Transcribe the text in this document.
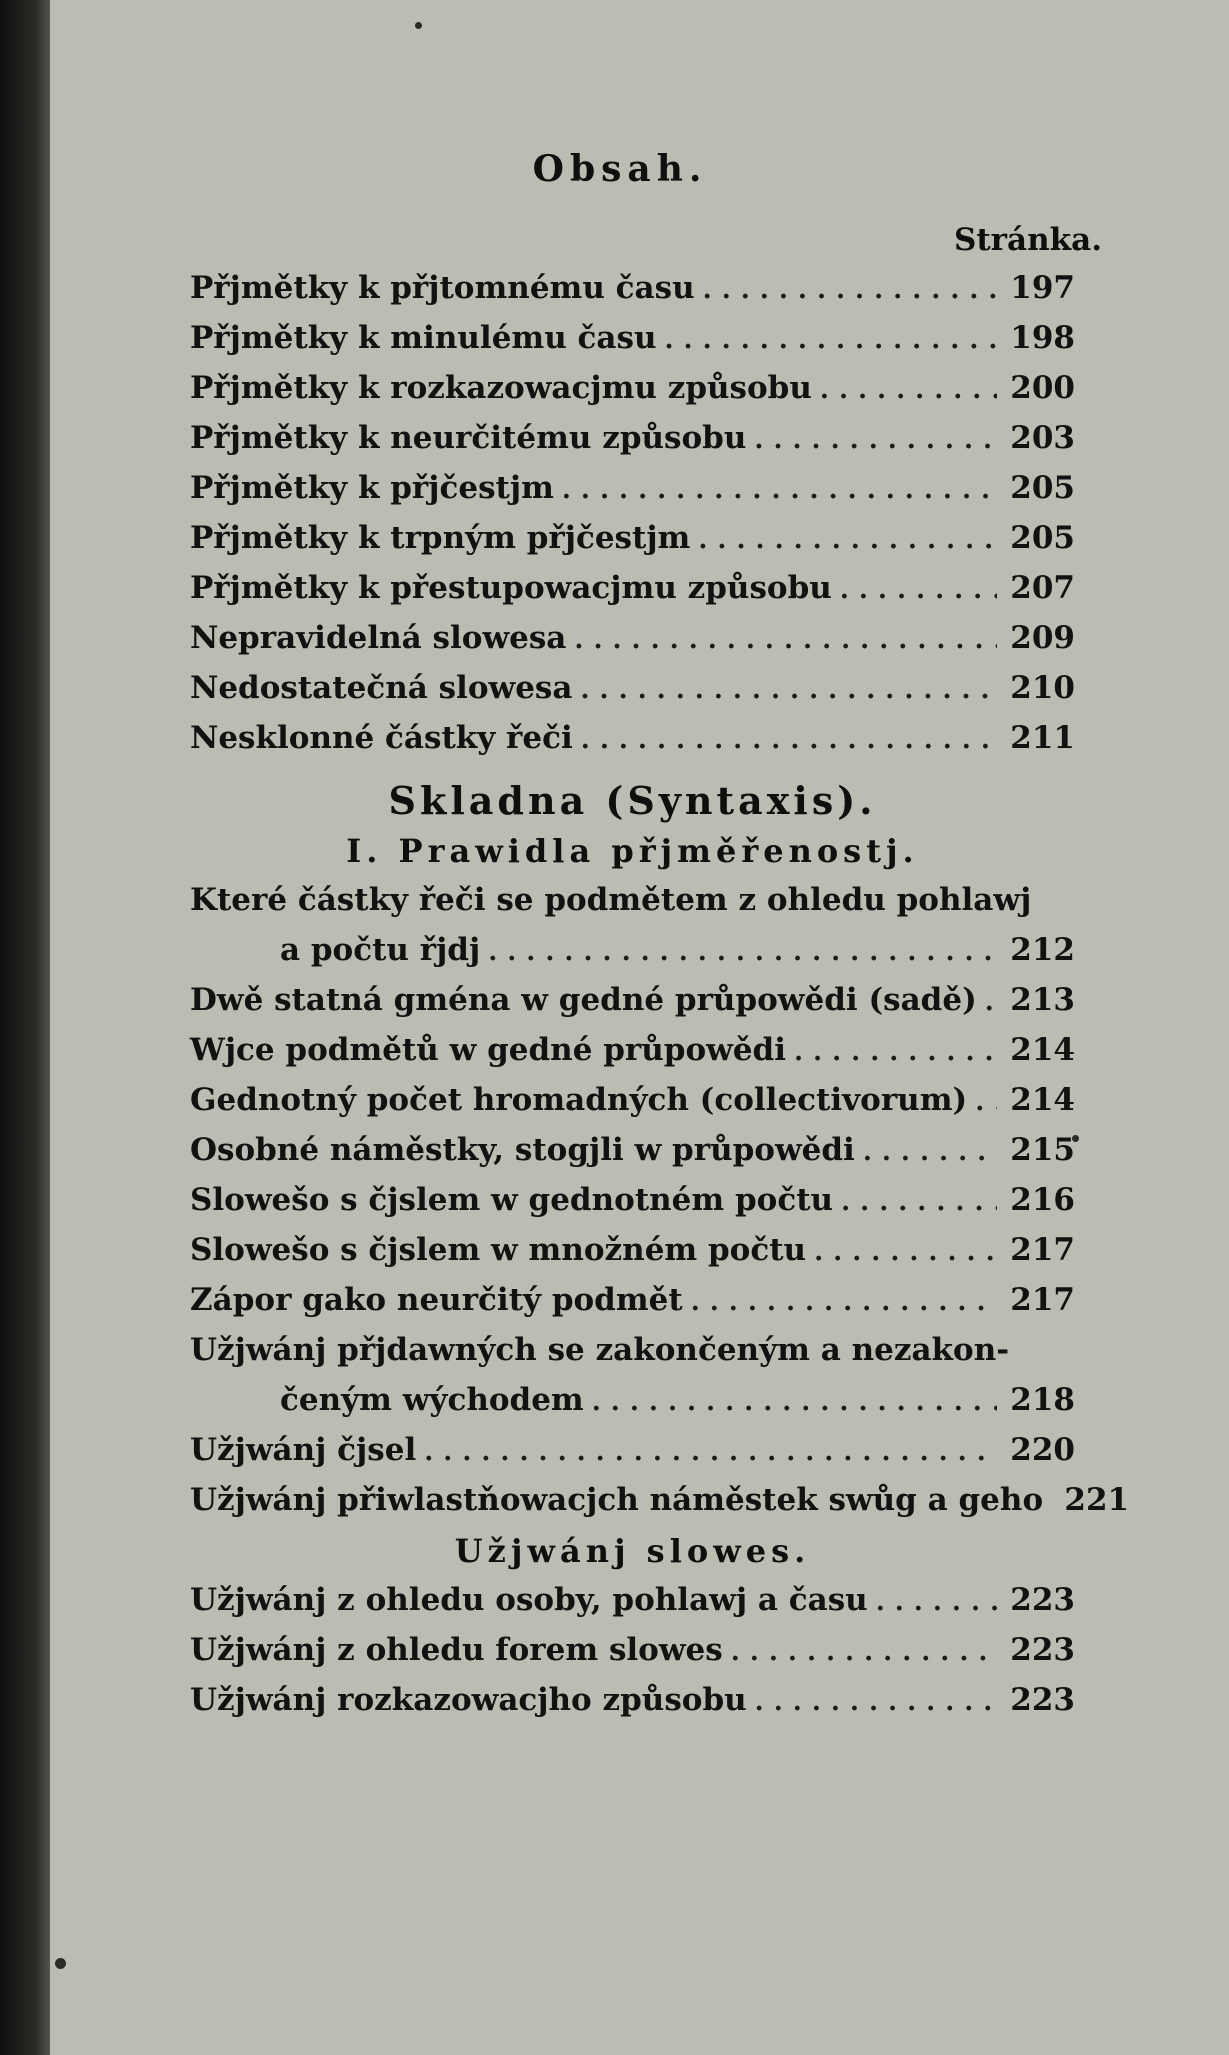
Obsah.
Stránka.
Přjmětky k přjtomnému času .....	197
Přjmětky k minulému času .....	198
Přjmětky k rozkazowacjmu způsobu .....	200
Přjmětky k neurčitému způsobu .....	203
Přjmětky k přjčestjm .....	205
Přjmětky k trpným přjčestjm .....	205
Přjmětky k přestupowacjmu způsobu .....	207
Nepravidelná slowesa .....	209
Nedostatečná slowesa .....	210
Nesklonné částky řeči .....	211
Skladna (Syntaxis).
I. Prawidla přjměřenostj.
Které částky řeči se podmětem z ohledu pohlawj
a počtu řjdj .....	212
Dwě statná gména w gedné průpowědi (sadě) .....	213
Wjce podmětů w gedné průpowědi .....	214
Gednotný počet hromadných (collectivorum) .....	214
Osobné náměstky, stogjli w průpowědi .....	215
Slowešo s čjslem w gednotném počtu .....	216
Slowešo s čjslem w množném počtu .....	217
Zápor gako neurčitý podmět .....	217
Užjwánj přjdawných se zakončeným a nezakon-
čeným wýchodem .....	218
Užjwánj čjsel .....	220
Užjwánj přiwlastňowacjch náměstek swůg a geho ..... 221
Užjwánj slowes.
Užjwánj z ohledu osoby, pohlawj a času .....	223
Užjwánj z ohledu forem slowes .....	223
Užjwánj rozkazowacjho způsobu .....	223
